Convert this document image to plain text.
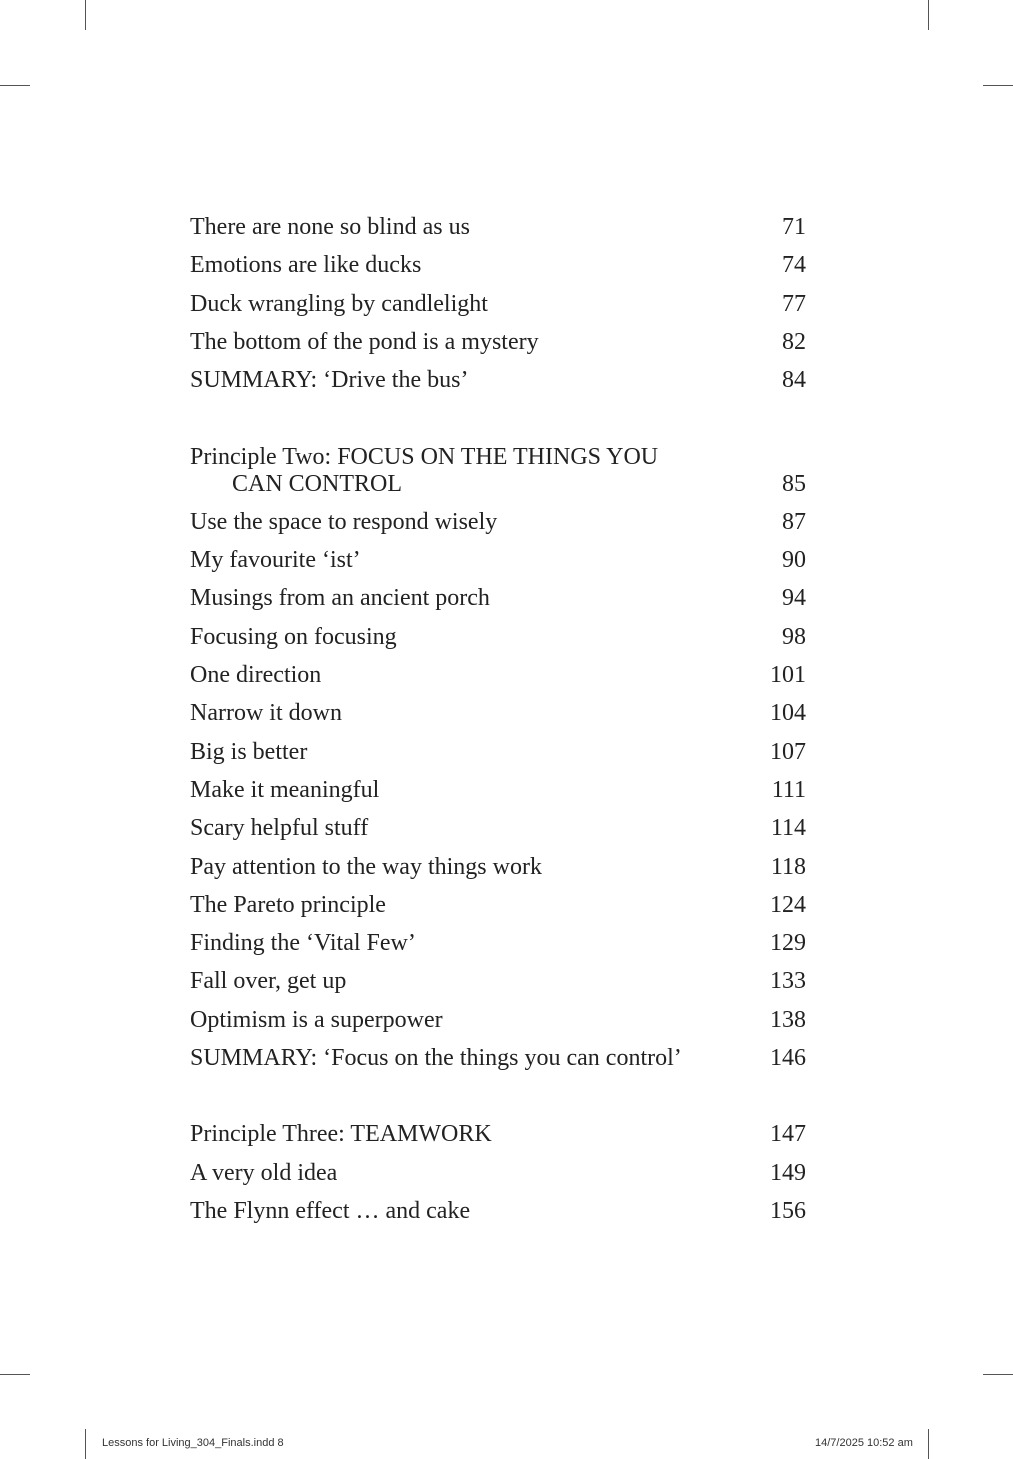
There are none so blind as us	71
Emotions are like ducks	74
Duck wrangling by candlelight	77
The bottom of the pond is a mystery	82
SUMMARY: ‘Drive the bus’	84
Principle Two: FOCUS ON THE THINGS YOU
CAN CONTROL	85
Use the space to respond wisely	87
My favourite ‘ist’	90
Musings from an ancient porch	94
Focusing on focusing	98
One direction	101
Narrow it down	104
Big is better	107
Make it meaningful	111
Scary helpful stuff	114
Pay attention to the way things work	118
The Pareto principle	124
Finding the ‘Vital Few’	129
Fall over, get up	133
Optimism is a superpower	138
SUMMARY: ‘Focus on the things you can control’	146
Principle Three: TEAMWORK	147
A very old idea	149
The Flynn effect … and cake	156
Lessons for Living_304_Finals.indd 8	14/7/2025 10:52 am
